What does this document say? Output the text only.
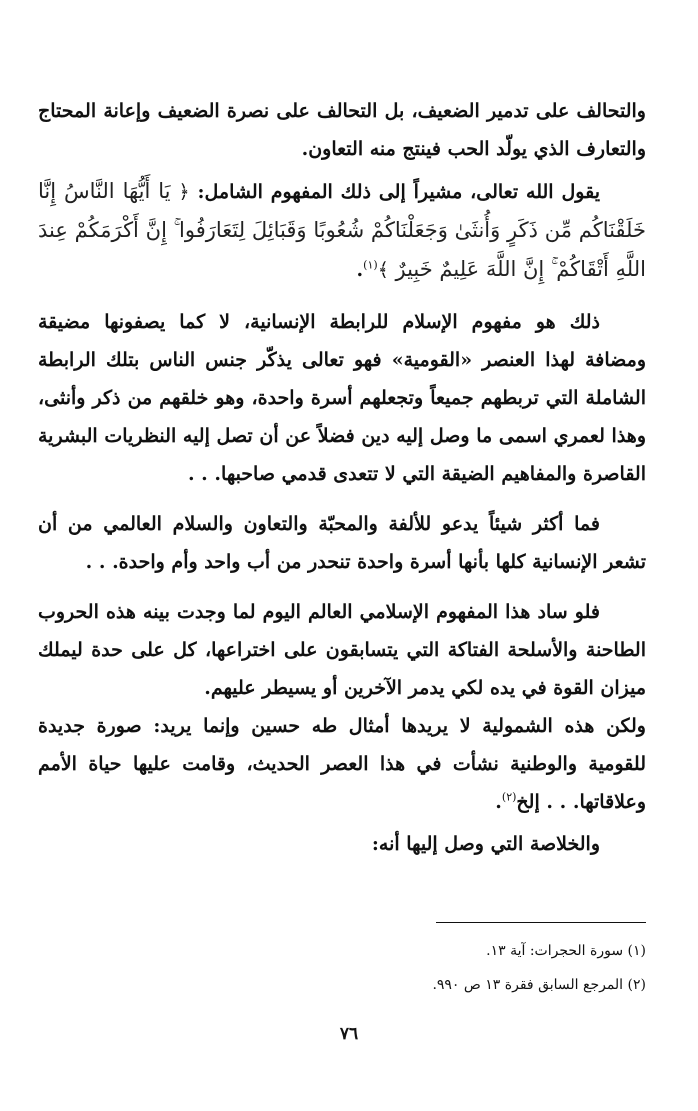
والتحالف على تدمير الضعيف، بل التحالف على نصرة الضعيف وإعانة المحتاج والتعارف الذي يولّد الحب فينتج منه التعاون.

يقول الله تعالى، مشيراً إلى ذلك المفهوم الشامل: ﴿ يَا أَيُّهَا النَّاسُ إِنَّا خَلَقْنَاكُم مِّن ذَكَرٍ وَأُنثَىٰ وَجَعَلْنَاكُمْ شُعُوبًا وَقَبَائِلَ لِتَعَارَفُوا ۚ إِنَّ أَكْرَمَكُمْ عِندَ اللَّهِ أَتْقَاكُمْ ۚ إِنَّ اللَّهَ عَلِيمٌ خَبِيرٌ ﴾$^{(١)}$.

ذلك هو مفهوم الإسلام للرابطة الإنسانية، لا كما يصفونها مضيقة ومضافة لهذا العنصر «القومية» فهو تعالى يذكّر جنس الناس بتلك الرابطة الشاملة التي تربطهم جميعاً وتجعلهم أسرة واحدة، وهو خلقهم من ذكر وأنثى، وهذا لعمري اسمى ما وصل إليه دين فضلاً عن أن تصل إليه النظريات البشرية القاصرة والمفاهيم الضيقة التي لا تتعدى قدمي صاحبها. . .

فما أكثر شيئاً يدعو للألفة والمحبّة والتعاون والسلام العالمي من أن تشعر الإنسانية كلها بأنها أسرة واحدة تنحدر من أب واحد وأم واحدة. . .

فلو ساد هذا المفهوم الإسلامي العالم اليوم لما وجدت بينه هذه الحروب الطاحنة والأسلحة الفتاكة التي يتسابقون على اختراعها، كل على حدة ليملك ميزان القوة في يده لكي يدمر الآخرين أو يسيطر عليهم.

ولكن هذه الشمولية لا يريدها أمثال طه حسين وإنما يريد: صورة جديدة للقومية والوطنية نشأت في هذا العصر الحديث، وقامت عليها حياة الأمم وعلاقاتها. . . إلخ$^{(٢)}$.

والخلاصة التي وصل إليها أنه:

(١) سورة الحجرات: آية ١٣.

(٢) المرجع السابق فقرة ١٣ ص ٩٩٠.

٧٦
